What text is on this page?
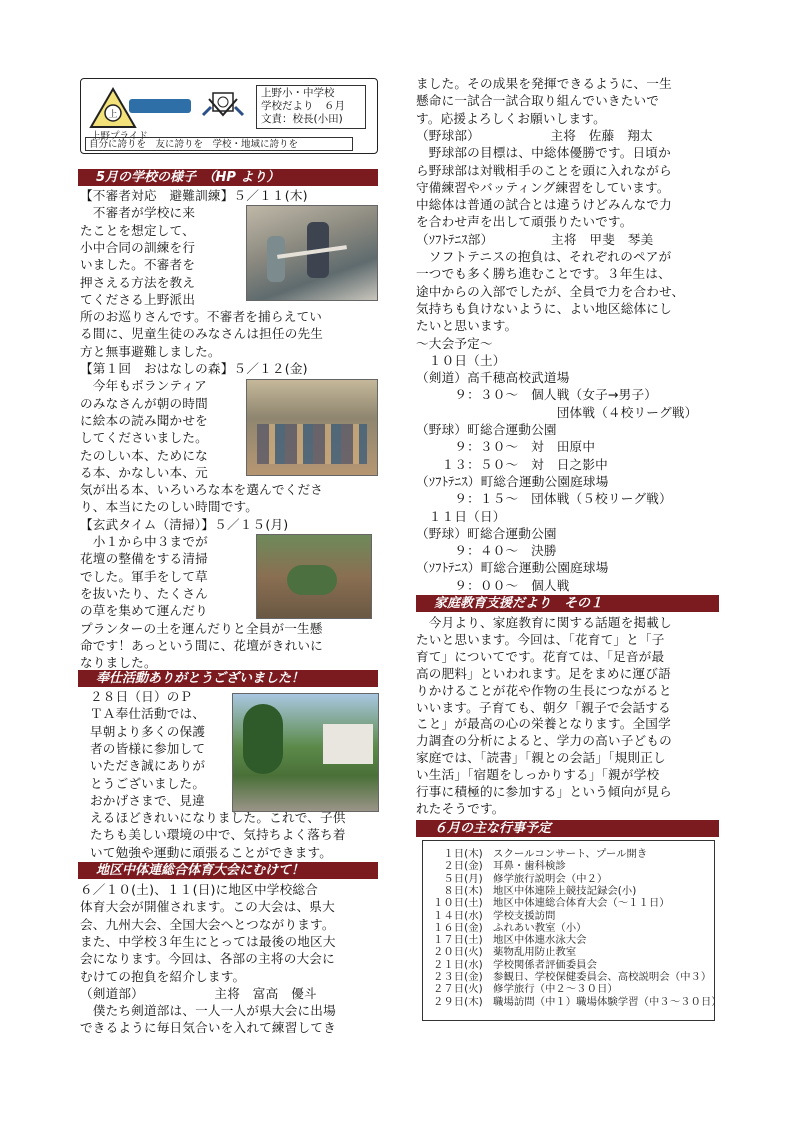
上
上野小・中学校
学校だより　６月
文責：校長(小田)
上野プライド
自分に誇りを　友に誇りを　学校・地域に誇りを
5月の学校の様子　（HP より）
奉仕活動ありがとうございました！
地区中体連総合体育大会にむけて！
家庭教育支援だより　その１
６月の主な行事予定
　１日(木)　スクールコンサート、プール開き
　２日(金)　耳鼻・歯科検診
　５日(月)　修学旅行説明会（中２）
　８日(木)　地区中体連陸上競技記録会(小)
１０日(土)　地区中体連総合体育大会（～１１日）
１４日(水)　学校支援訪問
１６日(金)　ふれあい教室（小）
１７日(土)　地区中体連水泳大会
２０日(火)　薬物乱用防止教室
２１日(水)　学校関係者評価委員会
２３日(金)　参観日、学校保健委員会、高校説明会（中３）
２７日(火)　修学旅行（中２～３０日）
２９日(木)　職場訪問（中１）職場体験学習（中３～３０日）
【不審者対応　避難訓練】５／１１(木)
　不審者が学校に来
たことを想定して、
小中合同の訓練を行
いました。不審者を
押さえる方法を教え
てくださる上野派出
所のお巡りさんです。不審者を捕らえてい
る間に、児童生徒のみなさんは担任の先生
方と無事避難しました。
【第１回　おはなしの森】５／１２(金)
　今年もボランティア
のみなさんが朝の時間
に絵本の読み聞かせを
してくださいました。
たのしい本、ためにな
る本、かなしい本、元
気が出る本、いろいろな本を選んでくださ
り、本当にたのしい時間です。
【玄武タイム（清掃）】５／１５(月)
　小１から中３までが
花壇の整備をする清掃
でした。軍手をして草
を抜いたり、たくさん
の草を集めて運んだり
プランターの土を運んだりと全員が一生懸
命です！あっという間に、花壇がきれいに
なりました。
２８日（日）のＰ
ＴＡ奉仕活動では、
早朝より多くの保護
者の皆様に参加して
いただき誠にありが
とうございました。
おかげさまで、見違
えるほどきれいになりました。これで、子供
たちも美しい環境の中で、気持ちよく落ち着
いて勉強や運動に頑張ることができます。
６／１０(土)、１１(日)に地区中学校総合
体育大会が開催されます。この大会は、県大
会、九州大会、全国大会へとつながります。
また、中学校３年生にとっては最後の地区大
会になります。今回は、各部の主将の大会に
むけての抱負を紹介します。
（剣道部）　　　　　　主将　富高　優斗
　僕たち剣道部は、一人一人が県大会に出場
できるように毎日気合いを入れて練習してき
ました。その成果を発揮できるように、一生
懸命に一試合一試合取り組んでいきたいで
す。応援よろしくお願いします。
（野球部）　　　　　　主将　佐藤　翔太
　野球部の目標は、中総体優勝です。日頃か
ら野球部は対戦相手のことを頭に入れながら
守備練習やバッティング練習をしています。
中総体は普通の試合とは違うけどみんなで力
を合わせ声を出して頑張りたいです。
（ｿﾌﾄﾃﾆｽ部）　　　　　主将　甲斐　琴美
　ソフトテニスの抱負は、それぞれのペアが
一つでも多く勝ち進むことです。３年生は、
途中からの入部でしたが、全員で力を合わせ、
気持ちも負けないように、よい地区総体にし
たいと思います。
～大会予定～
　１０日（土）
（剣道）高千穂高校武道場
　　　９：３０～　個人戦（女子→男子）
　　　　　　　　　　　団体戦（４校リーグ戦）
（野球）町総合運動公園
　　　９：３０～　対　田原中
　　１３：５０～　対　日之影中
（ｿﾌﾄﾃﾆｽ）町総合運動公園庭球場
　　　９：１５～　団体戦（５校リーグ戦）
　１１日（日）
（野球）町総合運動公園
　　　９：４０～　決勝
（ｿﾌﾄﾃﾆｽ）町総合運動公園庭球場
　　　９：００～　個人戦
　今月より、家庭教育に関する話題を掲載し
たいと思います。今回は、「花育て」と「子
育て」についてです。花育ては、「足音が最
高の肥料」といわれます。足をまめに運び語
りかけることが花や作物の生長につながると
いいます。子育ても、朝夕「親子で会話する
こと」が最高の心の栄養となります。全国学
力調査の分析によると、学力の高い子どもの
家庭では、「読書」「親との会話」「規則正し
い生活」「宿題をしっかりする」「親が学校
行事に積極的に参加する」という傾向が見ら
れたそうです。
